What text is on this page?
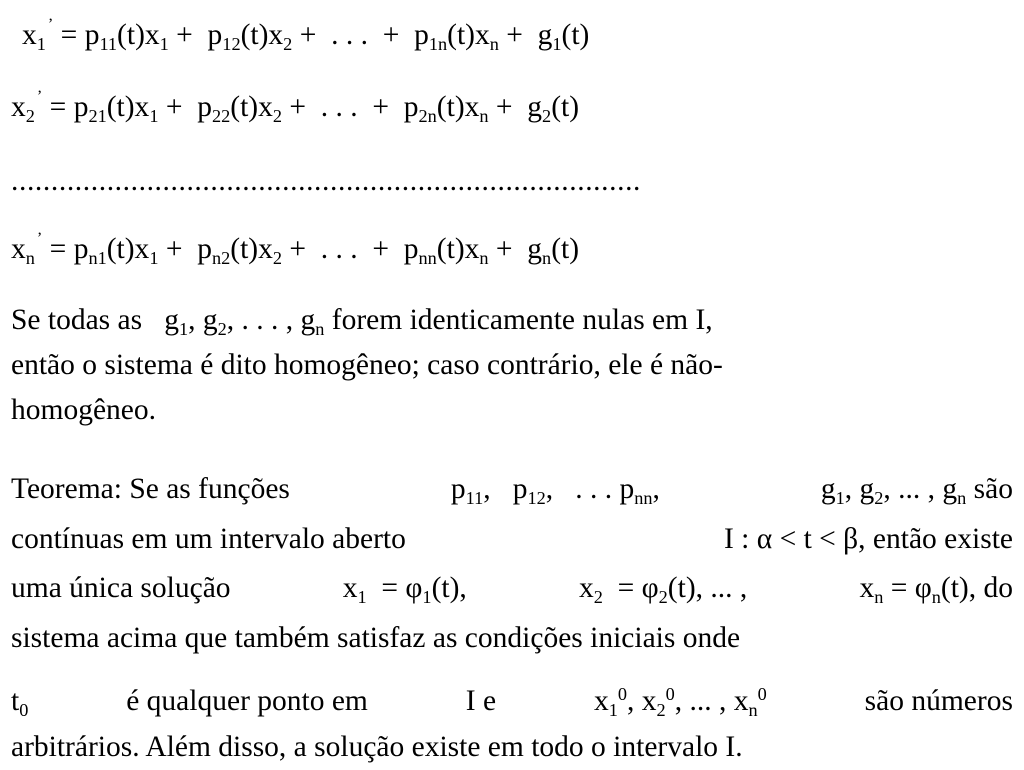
$x_1^’ = p_{11}(t)x_1 + p_{12}(t)x_2$ +  . . .  +  $p_{1n}(t)x_n + g_1(t)$
$x_2^’ = p_{21}(t)x_1 + p_{22}(t)x_2$ +  . . .  +  $p_{2n}(t)x_n + g_2(t)$
...............................................................................
$x_n^’ = p_{n1}(t)x_1 + p_{n2}(t)x_2$ +  . . .  +  $p_{nn}(t)x_n + g_n(t)$
Se todas as $g_1$, $g_2$, . . . , $g_n$ forem identicamente nulas em I,
então o sistema é dito homogêneo; caso contrário, ele é não-
homogêneo.
Teorema: Se as funções	$p_{11}$, $p_{12}$, . . . $p_{nn}$,	$g_1$, $g_2$, ... , $g_n$ são
contínuas em um intervalo aberto	I : α < t < β, então existe
uma única solução	$x_1 = \varphi_1(t)$,	$x_2 = \varphi_2(t)$, ... ,	$x_n = \varphi_n(t)$, do
sistema acima que também satisfaz as condições iniciais onde
$t_0$	é qualquer ponto em	I e	$x_1^0$, $x_2^0$, ... , $x_n^0$	são números
arbitrários. Além disso, a solução existe em todo o intervalo I.
